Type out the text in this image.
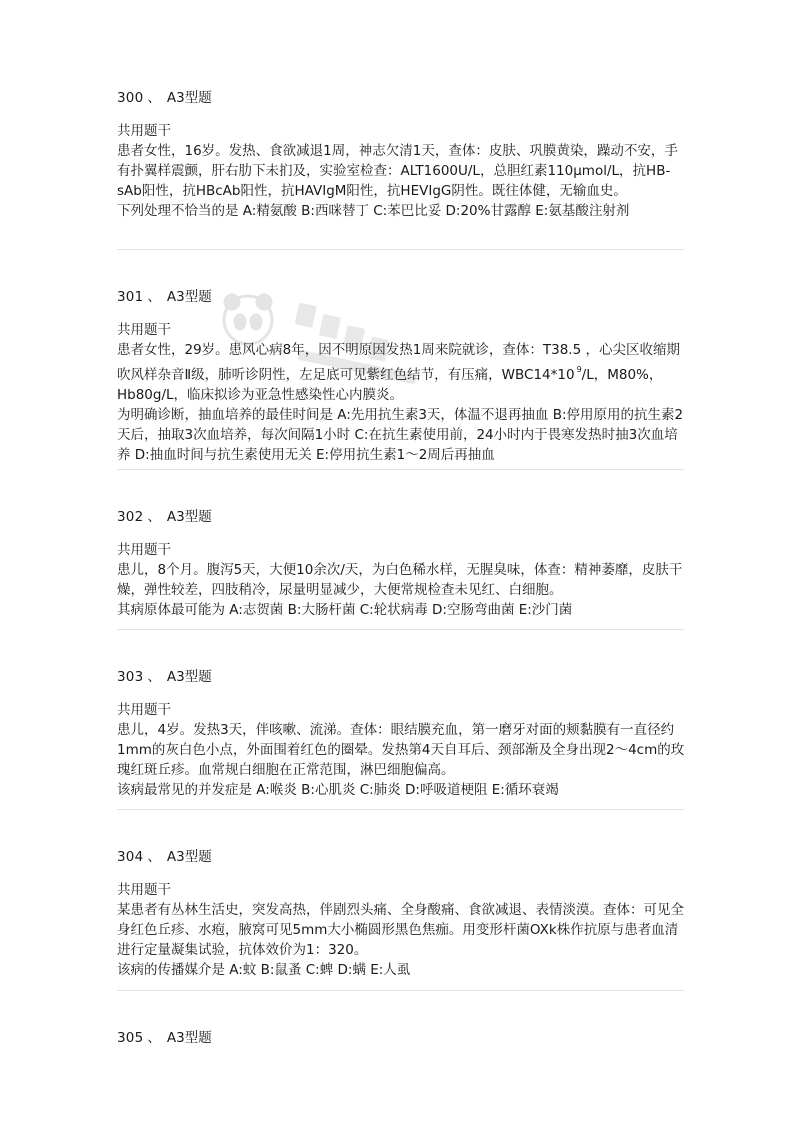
300 、 A3型题

共用题干

患者女性，16岁。发热、食欲减退1周，神志欠清1天，查体：皮肤、巩膜黄染，躁动不安，手有扑翼样震颤，肝右肋下未扪及，实验室检查：ALT1600U/L，总胆红素110μmol/L，抗HB-sAb阳性，抗HBcAb阳性，抗HAVIgM阳性，抗HEVIgG阴性。既往体健，无输血史。

下列处理不恰当的是 A:精氨酸 B:西咪替丁 C:苯巴比妥 D:20%甘露醇 E:氨基酸注射剂

301 、 A3型题

共用题干

患者女性，29岁。患风心病8年，因不明原因发热1周来院就诊，查体：T38.5 ，心尖区收缩期吹风样杂音Ⅱ级，肺听诊阴性，左足底可见紫红色结节，有压痛，WBC14*10 $^9$/L，M80%，Hb80g/L，临床拟诊为亚急性感染性心内膜炎。

为明确诊断，抽血培养的最佳时间是 A:先用抗生素3天，体温不退再抽血 B:停用原用的抗生素2天后，抽取3次血培养，每次间隔1小时 C:在抗生素使用前，24小时内于畏寒发热时抽3次血培养 D:抽血时间与抗生素使用无关 E:停用抗生素1～2周后再抽血

302 、 A3型题

共用题干

患儿，8个月。腹泻5天，大便10余次/天，为白色稀水样，无腥臭味，体查：精神萎靡，皮肤干燥，弹性较差，四肢稍冷，尿量明显减少，大便常规检查未见红、白细胞。

其病原体最可能为 A:志贺菌 B:大肠杆菌 C:轮状病毒 D:空肠弯曲菌 E:沙门菌

303 、 A3型题

共用题干

患儿，4岁。发热3天，伴咳嗽、流涕。查体：眼结膜充血，第一磨牙对面的颊黏膜有一直径约1mm的灰白色小点，外面围着红色的圈晕。发热第4天自耳后、颈部渐及全身出现2～4cm的玫瑰红斑丘疹。血常规白细胞在正常范围，淋巴细胞偏高。

该病最常见的并发症是 A:喉炎 B:心肌炎 C:肺炎 D:呼吸道梗阻 E:循环衰竭

304 、 A3型题

共用题干

某患者有丛林生活史，突发高热，伴剧烈头痛、全身酸痛、食欲减退、表情淡漠。查体：可见全身红色丘疹、水疱，腋窝可见5mm大小椭圆形黑色焦痂。用变形杆菌OXk株作抗原与患者血清进行定量凝集试验，抗体效价为1：320。

该病的传播媒介是 A:蚊 B:鼠蚤 C:蜱 D:螨 E:人虱

305 、 A3型题
